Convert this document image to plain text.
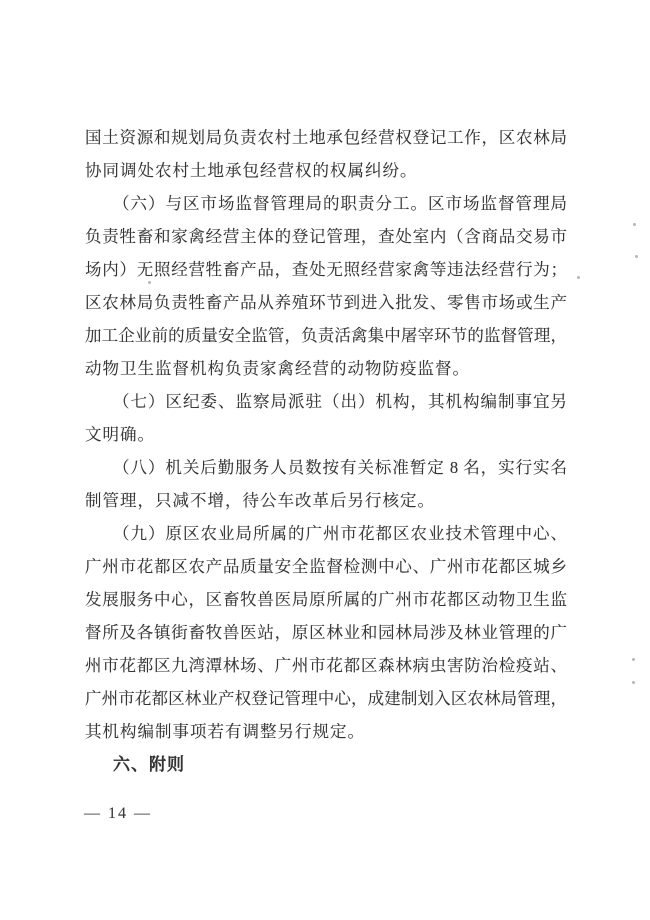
国土资源和规划局负责农村土地承包经营权登记工作，区农林局
协同调处农村土地承包经营权的权属纠纷。
（六）与区市场监督管理局的职责分工。区市场监督管理局
负责牲畜和家禽经营主体的登记管理，查处室内（含商品交易市
场内）无照经营牲畜产品，查处无照经营家禽等违法经营行为；
区农林局负责牲畜产品从养殖环节到进入批发、零售市场或生产
加工企业前的质量安全监管，负责活禽集中屠宰环节的监督管理，
动物卫生监督机构负责家禽经营的动物防疫监督。
（七）区纪委、监察局派驻（出）机构，其机构编制事宜另
文明确。
（八）机关后勤服务人员数按有关标准暂定 8 名，实行实名
制管理，只减不增，待公车改革后另行核定。
（九）原区农业局所属的广州市花都区农业技术管理中心、
广州市花都区农产品质量安全监督检测中心、广州市花都区城乡
发展服务中心，区畜牧兽医局原所属的广州市花都区动物卫生监
督所及各镇街畜牧兽医站，原区林业和园林局涉及林业管理的广
州市花都区九湾潭林场、广州市花都区森林病虫害防治检疫站、
广州市花都区林业产权登记管理中心，成建制划入区农林局管理，
其机构编制事项若有调整另行规定。
六、附则
— 14 —
